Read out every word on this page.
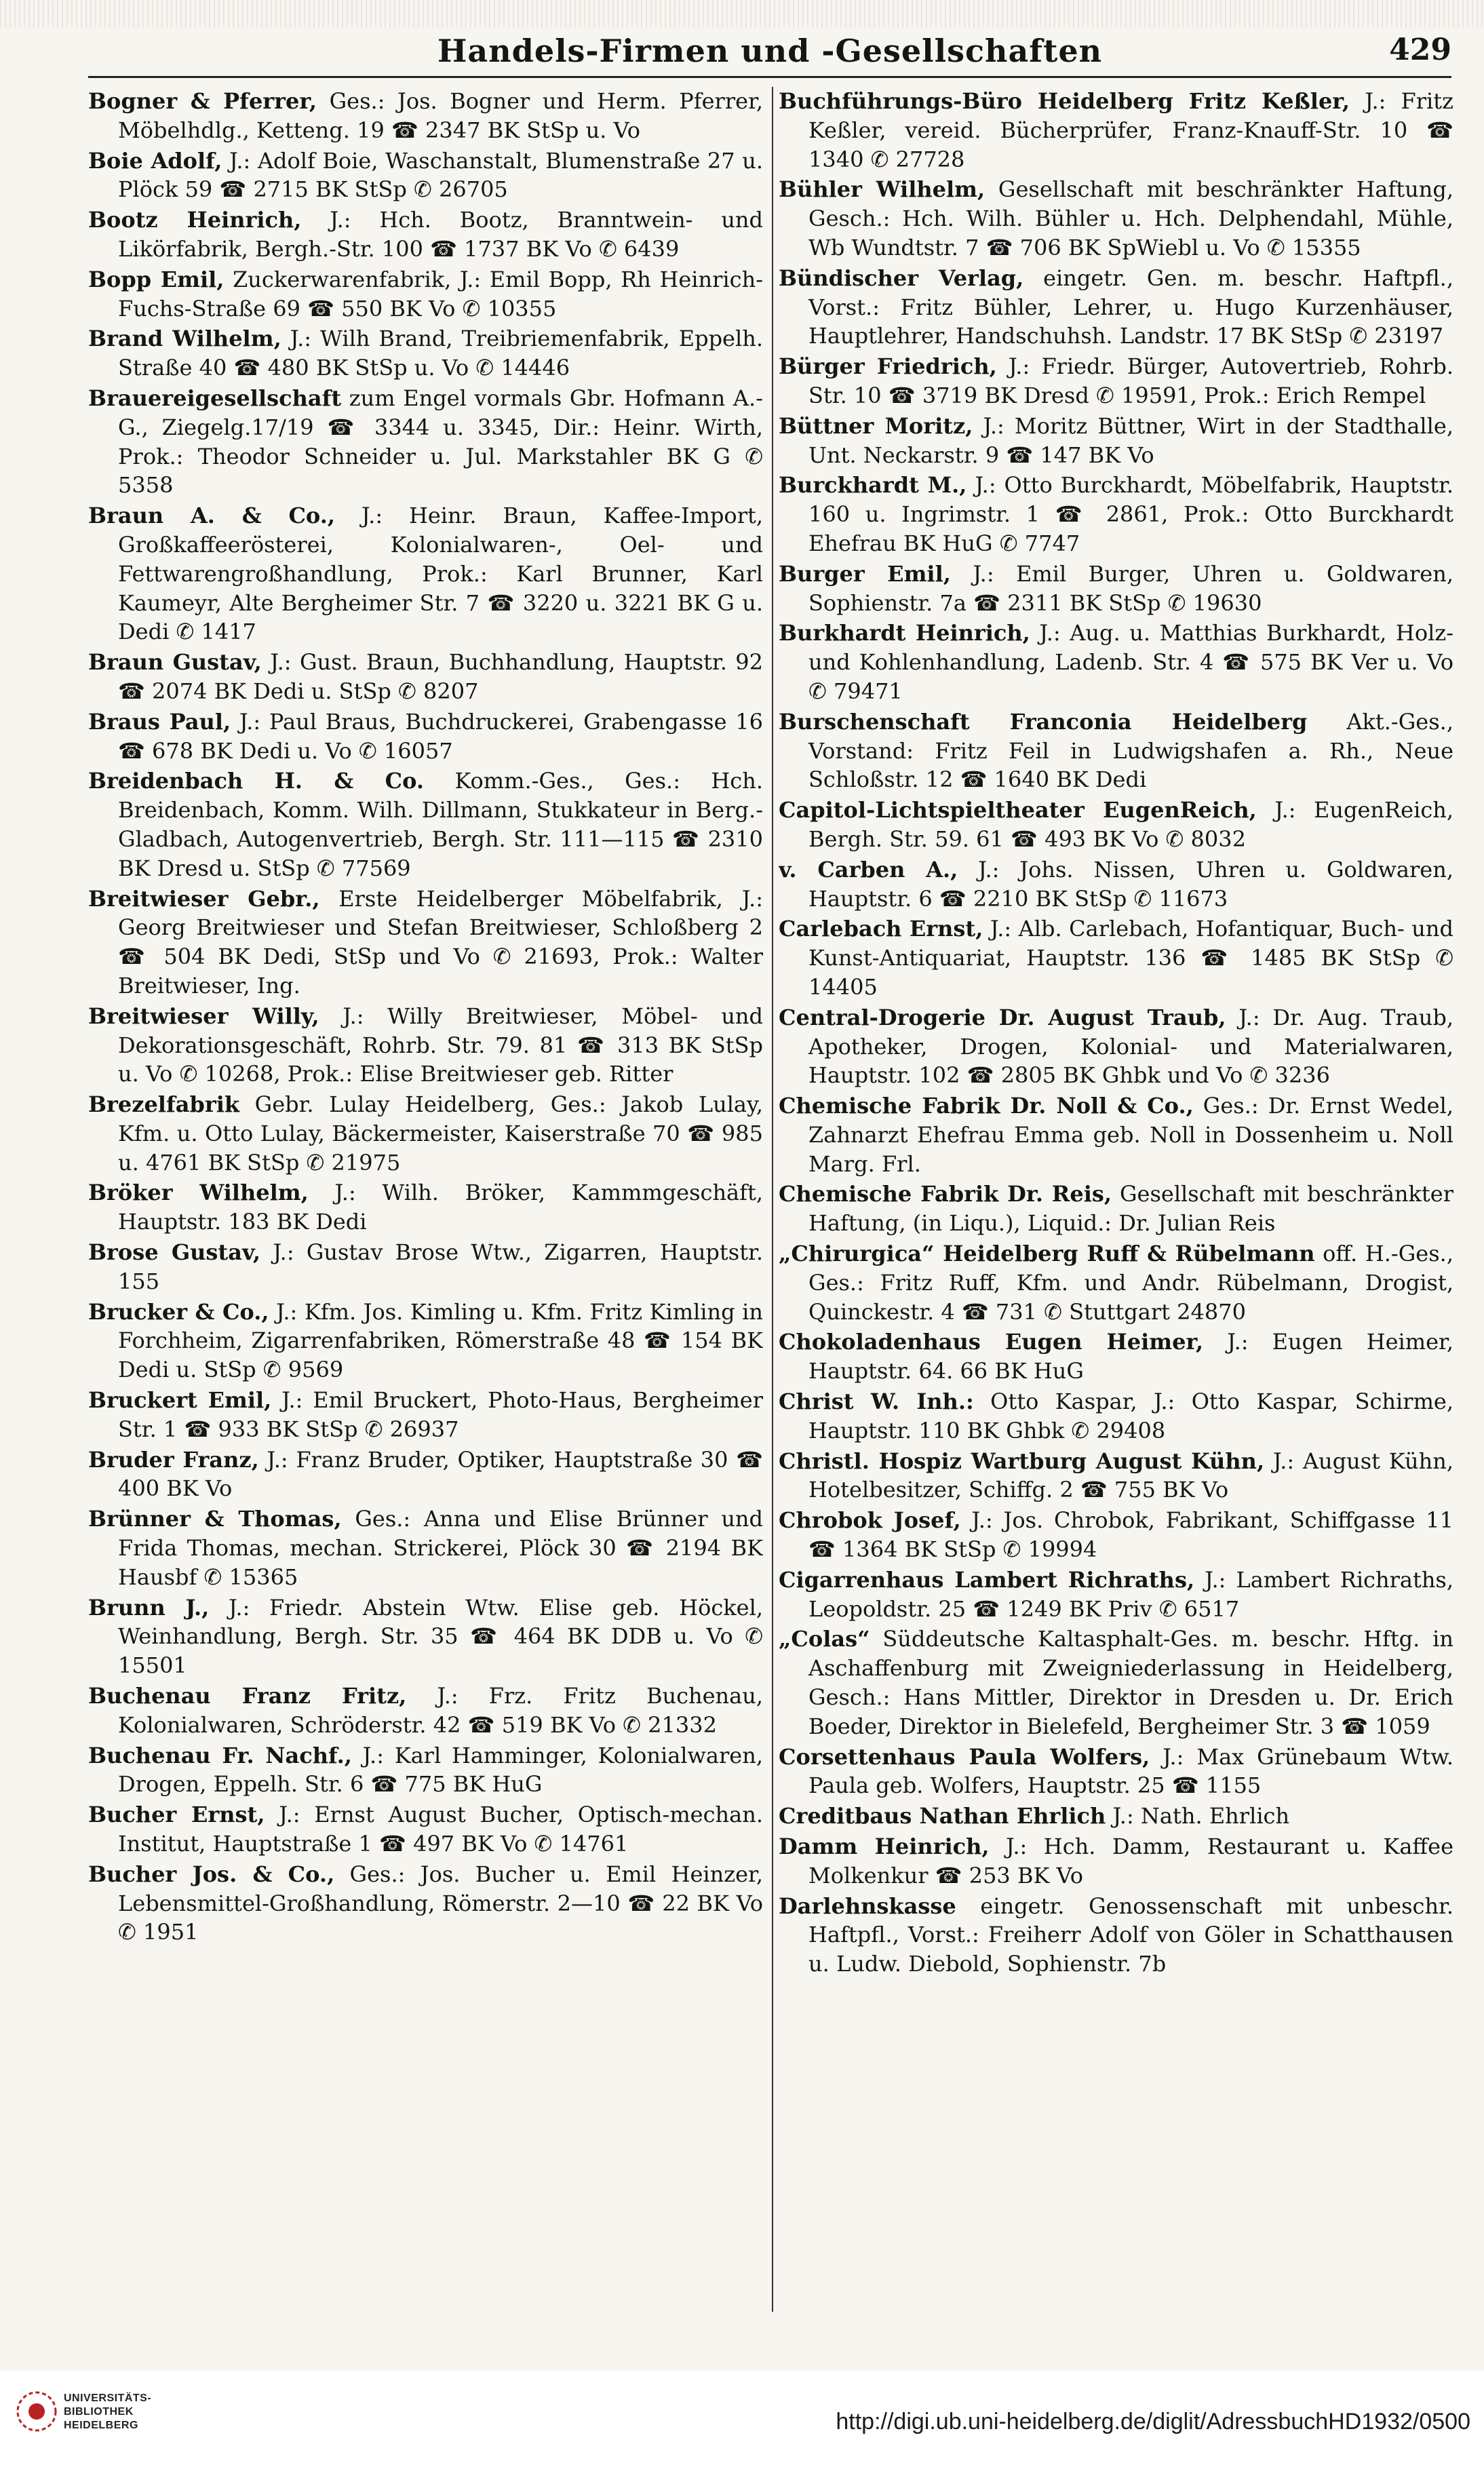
Handels-Firmen und -Gesellschaften	429

Bogner & Pferrer, Ges.: Jos. Bogner und Herm. Pferrer, Möbelhdlg., Ketteng. 19 ☎ 2347 BK StSp u. Vo

Boie Adolf, J.: Adolf Boie, Waschanstalt, Blumenstraße 27 u. Plöck 59 ☎ 2715 BK StSp ✆ 26705

Bootz Heinrich, J.: Hch. Bootz, Branntwein- und Likörfabrik, Bergh.-Str. 100 ☎ 1737 BK Vo ✆ 6439

Bopp Emil, Zuckerwarenfabrik, J.: Emil Bopp, Rh Heinrich-Fuchs-Straße 69 ☎ 550 BK Vo ✆ 10355

Brand Wilhelm, J.: Wilh Brand, Treibriemenfabrik, Eppelh. Straße 40 ☎ 480 BK StSp u. Vo ✆ 14446

Brauereigesellschaft zum Engel vormals Gbr. Hofmann A.-G., Ziegelg.17/19 ☎ 3344 u. 3345, Dir.: Heinr. Wirth, Prok.: Theodor Schneider u. Jul. Markstahler BK G ✆ 5358

Braun A. & Co., J.: Heinr. Braun, Kaffee-Import, Großkaffeerösterei, Kolonialwaren-, Oel- und Fettwarengroßhandlung, Prok.: Karl Brunner, Karl Kaumeyr, Alte Bergheimer Str. 7 ☎ 3220 u. 3221 BK G u. Dedi ✆ 1417

Braun Gustav, J.: Gust. Braun, Buchhandlung, Hauptstr. 92 ☎ 2074 BK Dedi u. StSp ✆ 8207

Braus Paul, J.: Paul Braus, Buchdruckerei, Grabengasse 16 ☎ 678 BK Dedi u. Vo ✆ 16057

Breidenbach H. & Co. Komm.-Ges., Ges.: Hch. Breidenbach, Komm. Wilh. Dillmann, Stukkateur in Berg.-Gladbach, Autogenvertrieb, Bergh. Str. 111—115 ☎ 2310 BK Dresd u. StSp ✆ 77569

Breitwieser Gebr., Erste Heidelberger Möbelfabrik, J.: Georg Breitwieser und Stefan Breitwieser, Schloßberg 2 ☎ 504 BK Dedi, StSp und Vo ✆ 21693, Prok.: Walter Breitwieser, Ing.

Breitwieser Willy, J.: Willy Breitwieser, Möbel- und Dekorationsgeschäft, Rohrb. Str. 79. 81 ☎ 313 BK StSp u. Vo ✆ 10268, Prok.: Elise Breitwieser geb. Ritter

Brezelfabrik Gebr. Lulay Heidelberg, Ges.: Jakob Lulay, Kfm. u. Otto Lulay, Bäckermeister, Kaiserstraße 70 ☎ 985 u. 4761 BK StSp ✆ 21975

Bröker Wilhelm, J.: Wilh. Bröker, Kammmgeschäft, Hauptstr. 183 BK Dedi

Brose Gustav, J.: Gustav Brose Wtw., Zigarren, Hauptstr. 155

Brucker & Co., J.: Kfm. Jos. Kimling u. Kfm. Fritz Kimling in Forchheim, Zigarrenfabriken, Römerstraße 48 ☎ 154 BK Dedi u. StSp ✆ 9569

Bruckert Emil, J.: Emil Bruckert, Photo-Haus, Bergheimer Str. 1 ☎ 933 BK StSp ✆ 26937

Bruder Franz, J.: Franz Bruder, Optiker, Hauptstraße 30 ☎ 400 BK Vo

Brünner & Thomas, Ges.: Anna und Elise Brünner und Frida Thomas, mechan. Strickerei, Plöck 30 ☎ 2194 BK Hausbf ✆ 15365

Brunn J., J.: Friedr. Abstein Wtw. Elise geb. Höckel, Weinhandlung, Bergh. Str. 35 ☎ 464 BK DDB u. Vo ✆ 15501

Buchenau Franz Fritz, J.: Frz. Fritz Buchenau, Kolonialwaren, Schröderstr. 42 ☎ 519 BK Vo ✆ 21332

Buchenau Fr. Nachf., J.: Karl Hamminger, Kolonialwaren, Drogen, Eppelh. Str. 6 ☎ 775 BK HuG

Bucher Ernst, J.: Ernst August Bucher, Optisch-mechan. Institut, Hauptstraße 1 ☎ 497 BK Vo ✆ 14761

Bucher Jos. & Co., Ges.: Jos. Bucher u. Emil Heinzer, Lebensmittel-Großhandlung, Römerstr. 2—10 ☎ 22 BK Vo ✆ 1951

Buchführungs-Büro Heidelberg Fritz Keßler, J.: Fritz Keßler, vereid. Bücherprüfer, Franz-Knauff-Str. 10 ☎ 1340 ✆ 27728

Bühler Wilhelm, Gesellschaft mit beschränkter Haftung, Gesch.: Hch. Wilh. Bühler u. Hch. Delphendahl, Mühle, Wb Wundtstr. 7 ☎ 706 BK SpWiebl u. Vo ✆ 15355

Bündischer Verlag, eingetr. Gen. m. beschr. Haftpfl., Vorst.: Fritz Bühler, Lehrer, u. Hugo Kurzenhäuser, Hauptlehrer, Handschuhsh. Landstr. 17 BK StSp ✆ 23197

Bürger Friedrich, J.: Friedr. Bürger, Autovertrieb, Rohrb. Str. 10 ☎ 3719 BK Dresd ✆ 19591, Prok.: Erich Rempel

Büttner Moritz, J.: Moritz Büttner, Wirt in der Stadthalle, Unt. Neckarstr. 9 ☎ 147 BK Vo

Burckhardt M., J.: Otto Burckhardt, Möbelfabrik, Hauptstr. 160 u. Ingrimstr. 1 ☎ 2861, Prok.: Otto Burckhardt Ehefrau BK HuG ✆ 7747

Burger Emil, J.: Emil Burger, Uhren u. Goldwaren, Sophienstr. 7a ☎ 2311 BK StSp ✆ 19630

Burkhardt Heinrich, J.: Aug. u. Matthias Burkhardt, Holz- und Kohlenhandlung, Ladenb. Str. 4 ☎ 575 BK Ver u. Vo ✆ 79471

Burschenschaft Franconia Heidelberg Akt.-Ges., Vorstand: Fritz Feil in Ludwigshafen a. Rh., Neue Schloßstr. 12 ☎ 1640 BK Dedi

Capitol-Lichtspieltheater EugenReich, J.: EugenReich, Bergh. Str. 59. 61 ☎ 493 BK Vo ✆ 8032

v. Carben A., J.: Johs. Nissen, Uhren u. Goldwaren, Hauptstr. 6 ☎ 2210 BK StSp ✆ 11673

Carlebach Ernst, J.: Alb. Carlebach, Hofantiquar, Buch- und Kunst-Antiquariat, Hauptstr. 136 ☎ 1485 BK StSp ✆ 14405

Central-Drogerie Dr. August Traub, J.: Dr. Aug. Traub, Apotheker, Drogen, Kolonial- und Materialwaren, Hauptstr. 102 ☎ 2805 BK Ghbk und Vo ✆ 3236

Chemische Fabrik Dr. Noll & Co., Ges.: Dr. Ernst Wedel, Zahnarzt Ehefrau Emma geb. Noll in Dossenheim u. Noll Marg. Frl.

Chemische Fabrik Dr. Reis, Gesellschaft mit beschränkter Haftung, (in Liqu.), Liquid.: Dr. Julian Reis

„Chirurgica“ Heidelberg Ruff & Rübelmann off. H.-Ges., Ges.: Fritz Ruff, Kfm. und Andr. Rübelmann, Drogist, Quinckestr. 4 ☎ 731 ✆ Stuttgart 24870

Chokoladenhaus Eugen Heimer, J.: Eugen Heimer, Hauptstr. 64. 66 BK HuG

Christ W. Inh.: Otto Kaspar, J.: Otto Kaspar, Schirme, Hauptstr. 110 BK Ghbk ✆ 29408

Christl. Hospiz Wartburg August Kühn, J.: August Kühn, Hotelbesitzer, Schiffg. 2 ☎ 755 BK Vo

Chrobok Josef, J.: Jos. Chrobok, Fabrikant, Schiffgasse 11 ☎ 1364 BK StSp ✆ 19994

Cigarrenhaus Lambert Richraths, J.: Lambert Richraths, Leopoldstr. 25 ☎ 1249 BK Priv ✆ 6517

„Colas“ Süddeutsche Kaltasphalt-Ges. m. beschr. Hftg. in Aschaffenburg mit Zweigniederlassung in Heidelberg, Gesch.: Hans Mittler, Direktor in Dresden u. Dr. Erich Boeder, Direktor in Bielefeld, Bergheimer Str. 3 ☎ 1059

Corsettenhaus Paula Wolfers, J.: Max Grünebaum Wtw. Paula geb. Wolfers, Hauptstr. 25 ☎ 1155

Creditbaus Nathan Ehrlich J.: Nath. Ehrlich

Damm Heinrich, J.: Hch. Damm, Restaurant u. Kaffee Molkenkur ☎ 253 BK Vo

Darlehnskasse eingetr. Genossenschaft mit unbeschr. Haftpfl., Vorst.: Freiherr Adolf von Göler in Schatthausen u. Ludw. Diebold, Sophienstr. 7b

UNIVERSITÄTS-
BIBLIOTHEK
HEIDELBERG	http://digi.ub.uni-heidelberg.de/diglit/AdressbuchHD1932/0500
